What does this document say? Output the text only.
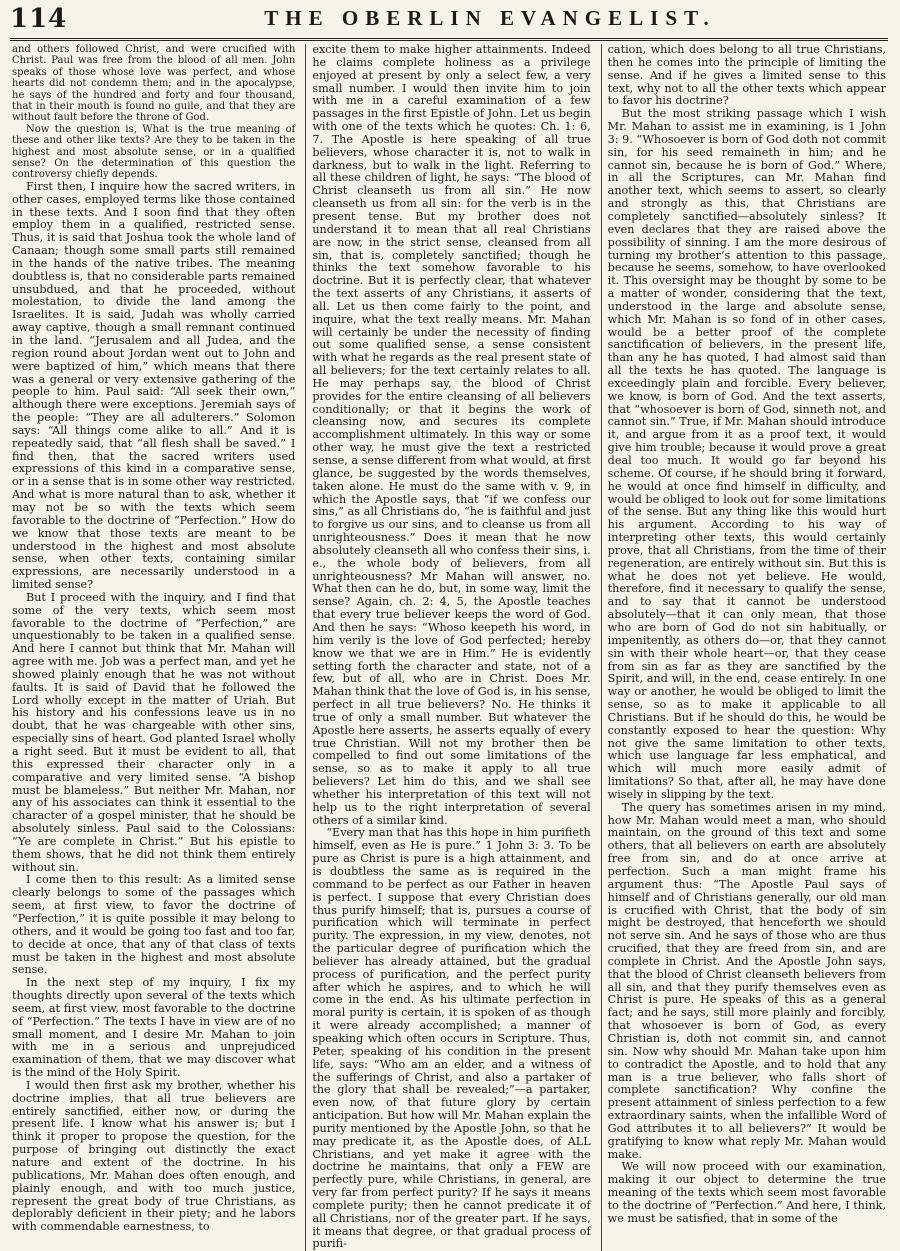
114	THE OBERLIN EVANGELIST.

and others followed Christ, and were crucified with Christ. Paul was free from the blood of all men. John speaks of those whose love was perfect, and whose hearts did not condemn them; and in the apocalypse, he says of the hundred and forty and four thousand, that in their mouth is found no guile, and that they are without fault before the throne of God.

Now the question is, What is the true meaning of these and other like texts? Are they to be taken in the highest and most absolute sense, or in a qualified sense? On the determination of this question the controversy chiefly depends.

First then, I inquire how the sacred writers, in other cases, employed terms like those contained in these texts. And I soon find that they often employ them in a qualified, restricted sense. Thus, it is said that Joshua took the whole land of Canaan; though some small parts still remained in the hands of the native tribes. The meaning doubtless is, that no considerable parts remained unsubdued, and that he proceeded, without molestation, to divide the land among the Israelites. It is said, Judah was wholly carried away captive, though a small remnant continued in the land. “Jerusalem and all Judea, and the region round about Jordan went out to John and were baptized of him,” which means that there was a general or very extensive gathering of the people to him. Paul said: “All seek their own,” although there were exceptions. Jeremiah says of the people: “They are all adulterers.” Solomon says: “All things come alike to all.” And it is repeatedly said, that “all flesh shall be saved.” I find then, that the sacred writers used expressions of this kind in a comparative sense, or in a sense that is in some other way restricted. And what is more natural than to ask, whether it may not be so with the texts which seem favorable to the doctrine of “Perfection.” How do we know that those texts are meant to be understood in the highest and most absolute sense, when other texts, containing similar expressions, are necessarily understood in a limited sense?

But I proceed with the inquiry, and I find that some of the very texts, which seem most favorable to the doctrine of “Perfection,” are unquestionably to be taken in a qualified sense. And here I cannot but think that Mr. Mahan will agree with me. Job was a perfect man, and yet he showed plainly enough that he was not without faults. It is said of David that he followed the Lord wholly except in the matter of Uriah. But his history and his confessions leave us in no doubt, that he was chargeable with other sins, especially sins of heart. God planted Israel wholly a right seed. But it must be evident to all, that this expressed their character only in a comparative and very limited sense. “A bishop must be blameless.” But neither Mr. Mahan, nor any of his associates can think it essential to the character of a gospel minister, that he should be absolutely sinless. Paul said to the Colossians: “Ye are complete in Christ.” But his epistle to them shows, that he did not think them entirely without sin.

I come then to this result: As a limited sense clearly belongs to some of the passages which seem, at first view, to favor the doctrine of “Perfection,” it is quite possible it may belong to others, and it would be going too fast and too far, to decide at once, that any of that class of texts must be taken in the highest and most absolute sense.

In the next step of my inquiry, I fix my thoughts directly upon several of the texts which seem, at first view, most favorable to the doctrine of “Perfection.” The texts I have in view are of no small moment, and I desire Mr. Mahan to join with me in a serious and unprejudiced examination of them, that we may discover what is the mind of the Holy Spirit.

I would then first ask my brother, whether his doctrine implies, that all true believers are entirely sanctified, either now, or during the present life. I know what his answer is; but I think it proper to propose the question, for the purpose of bringing out distinctly the exact nature and extent of the doctrine. In his publications, Mr. Mahan does often enough, and plainly enough, and with too much justice, represent the great body of true Christians, as deplorably deficient in their piety; and he labors with commendable earnestness, to

excite them to make higher attainments. Indeed he claims complete holiness as a privilege enjoyed at present by only a select few, a very small number. I would then invite him to join with me in a careful examination of a few passages in the first Epistle of John. Let us begin with one of the texts which he quotes: Ch. 1: 6, 7. The Apostle is here speaking of all true believers, whose character it is, not to walk in darkness, but to walk in the light. Referring to all these children of light, he says: “The blood of Christ cleanseth us from all sin.” He now cleanseth us from all sin: for the verb is in the present tense. But my brother does not understand it to mean that all real Christians are now, in the strict sense, cleansed from all sin, that is, completely sanctified; though he thinks the text somehow favorable to his doctrine. But it is perfectly clear, that whatever the text asserts of any Christians, it asserts of all. Let us then come fairly to the point, and inquire, what the text really means. Mr. Mahan will certainly be under the necessity of finding out some qualified sense, a sense consistent with what he regards as the real present state of all believers; for the text certainly relates to all. He may perhaps say, the blood of Christ provides for the entire cleansing of all believers conditionally; or that it begins the work of cleansing now, and secures its complete accomplishment ultimately. In this way or some other way, he must give the text a restricted sense, a sense different from what would, at first glance, be suggested by the words themselves, taken alone. He must do the same with v. 9, in which the Apostle says, that “if we confess our sins,” as all Christians do, “he is faithful and just to forgive us our sins, and to cleanse us from all unrighteousness.” Does it mean that he now absolutely cleanseth all who confess their sins, i. e., the whole body of believers, from all unrighteousness? Mr Mahan will answer, no. What then can he do, but, in some way, limit the sense? Again, ch. 2: 4, 5, the Apostle teaches that every true believer keeps the word of God. And then he says: “Whoso keepeth his word, in him verily is the love of God perfected; hereby know we that we are in Him.” He is evidently setting forth the character and state, not of a few, but of all, who are in Christ. Does Mr. Mahan think that the love of God is, in his sense, perfect in all true believers? No. He thinks it true of only a small number. But whatever the Apostle here asserts, he asserts equally of every true Christian. Will not my brother then be compelled to find out some limitations of the sense, so as to make it apply to all true believers? Let him do this, and we shall see whether his interpretation of this text will not help us to the right interpretation of several others of a similar kind.

“Every man that has this hope in him purifieth himself, even as He is pure.” 1 John 3: 3. To be pure as Christ is pure is a high attainment, and is doubtless the same as is required in the command to be perfect as our Father in heaven is perfect. I suppose that every Christian does thus purify himself; that is, pursues a course of purification which will terminate in perfect purity. The expression, in my view, denotes, not the particular degree of purification which the believer has already attained, but the gradual process of purification, and the perfect purity after which he aspires, and to which he will come in the end. As his ultimate perfection in moral purity is certain, it is spoken of as though it were already accomplished; a manner of speaking which often occurs in Scripture. Thus, Peter, speaking of his condition in the present life, says: “Who am an elder, and a witness of the sufferings of Christ, and also a partaker of the glory that shall be revealed;”—a partaker, even now, of that future glory by certain anticipation. But how will Mr. Mahan explain the purity mentioned by the Apostle John, so that he may predicate it, as the Apostle does, of ALL Christians, and yet make it agree with the doctrine he maintains, that only a FEW are perfectly pure, while Christians, in general, are very far from perfect purity? If he says it means complete purity; then he cannot predicate it of all Christians, nor of the greater part. If he says, it means that degree, or that gradual process of purifi-

cation, which does belong to all true Christians, then he comes into the principle of limiting the sense. And if he gives a limited sense to this text, why not to all the other texts which appear to favor his doctrine?

But the most striking passage which I wish Mr. Mahan to assist me in examining, is 1 John 3: 9. “Whosoever is born of God doth not commit sin, for his seed remaineth in him; and he cannot sin, because he is born of God.” Where, in all the Scriptures, can Mr. Mahan find another text, which seems to assert, so clearly and strongly as this, that Christians are completely sanctified—absolutely sinless? It even declares that they are raised above the possibility of sinning. I am the more desirous of turning my brother’s attention to this passage, because he seems, somehow, to have overlooked it. This oversight may be thought by some to be a matter of wonder, considering that the text, understood in the large and absolute sense, which Mr. Mahan is so fond of in other cases, would be a better proof of the complete sanctification of believers, in the present life, than any he has quoted, I had almost said than all the texts he has quoted. The language is exceedingly plain and forcible. Every believer, we know, is born of God. And the text asserts, that “whosoever is born of God, sinneth not, and cannot sin.” True, if Mr. Mahan should introduce it, and argue from it as a proof text, it would give him trouble; because it would prove a great deal too much. It would go far beyond his scheme. Of course, if he should bring it forward, he would at once find himself in difficulty, and would be obliged to look out for some limitations of the sense. But any thing like this would hurt his argument. According to his way of interpreting other texts, this would certainly prove, that all Christians, from the time of their regeneration, are entirely without sin. But this is what he does not yet believe. He would, therefore, find it necessary to qualify the sense, and to say that it cannot be understood absolutely—that it can only mean, that those who are born of God do not sin habitually, or impenitently, as others do—or, that they cannot sin with their whole heart—or, that they cease from sin as far as they are sanctified by the Spirit, and will, in the end, cease entirely. In one way or another, he would be obliged to limit the sense, so as to make it applicable to all Christians. But if he should do this, he would be constantly exposed to hear the question: Why not give the same limitation to other texts, which use language far less emphatical, and which will much more easily admit of limitations? So that, after all, he may have done wisely in slipping by the text.

The query has sometimes arisen in my mind, how Mr. Mahan would meet a man, who should maintain, on the ground of this text and some others, that all believers on earth are absolutely free from sin, and do at once arrive at perfection. Such a man might frame his argument thus: “The Apostle Paul says of himself and of Christians generally, our old man is crucified with Christ, that the body of sin might be destroyed, that henceforth we should not serve sin. And he says of those who are thus crucified, that they are freed from sin, and are complete in Christ. And the Apostle John says, that the blood of Christ cleanseth believers from all sin, and that they purify themselves even as Christ is pure. He speaks of this as a general fact; and he says, still more plainly and forcibly, that whosoever is born of God, as every Christian is, doth not commit sin, and cannot sin. Now why should Mr. Mahan take upon him to contradict the Apostle, and to hold that any man is a true believer, who falls short of complete sanctification? Why confine the present attainment of sinless perfection to a few extraordinary saints, when the infallible Word of God attributes it to all believers?” It would be gratifying to know what reply Mr. Mahan would make.

We will now proceed with our examination, making it our object to determine the true meaning of the texts which seem most favorable to the doctrine of “Perfection.” And here, I think, we must be satisfied, that in some of the
